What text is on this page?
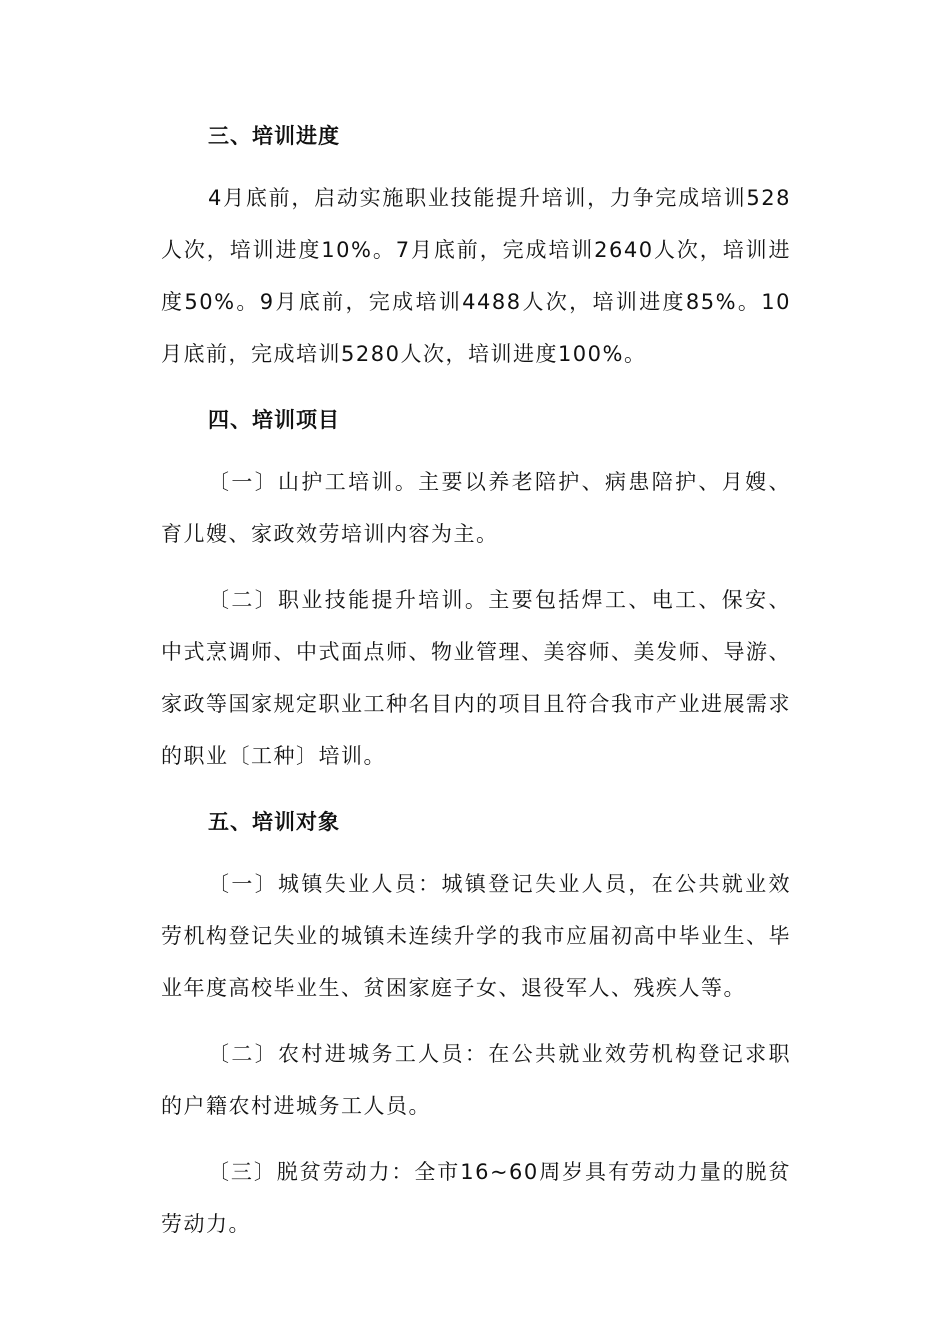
三、培训进度

4月底前，启动实施职业技能提升培训，力争完成培训528人次，培训进度10%。7月底前，完成培训2640人次，培训进度50%。9月底前，完成培训4488人次，培训进度85%。10月底前，完成培训5280人次，培训进度100%。

四、培训项目

〔一〕山护工培训。主要以养老陪护、病患陪护、月嫂、育儿嫂、家政效劳培训内容为主。

〔二〕职业技能提升培训。主要包括焊工、电工、保安、中式烹调师、中式面点师、物业管理、美容师、美发师、导游、家政等国家规定职业工种名目内的项目且符合我市产业进展需求的职业〔工种〕培训。

五、培训对象

〔一〕城镇失业人员：城镇登记失业人员，在公共就业效劳机构登记失业的城镇未连续升学的我市应届初高中毕业生、毕业年度高校毕业生、贫困家庭子女、退役军人、残疾人等。

〔二〕农村进城务工人员：在公共就业效劳机构登记求职的户籍农村进城务工人员。

〔三〕脱贫劳动力：全市16~60周岁具有劳动力量的脱贫劳动力。
